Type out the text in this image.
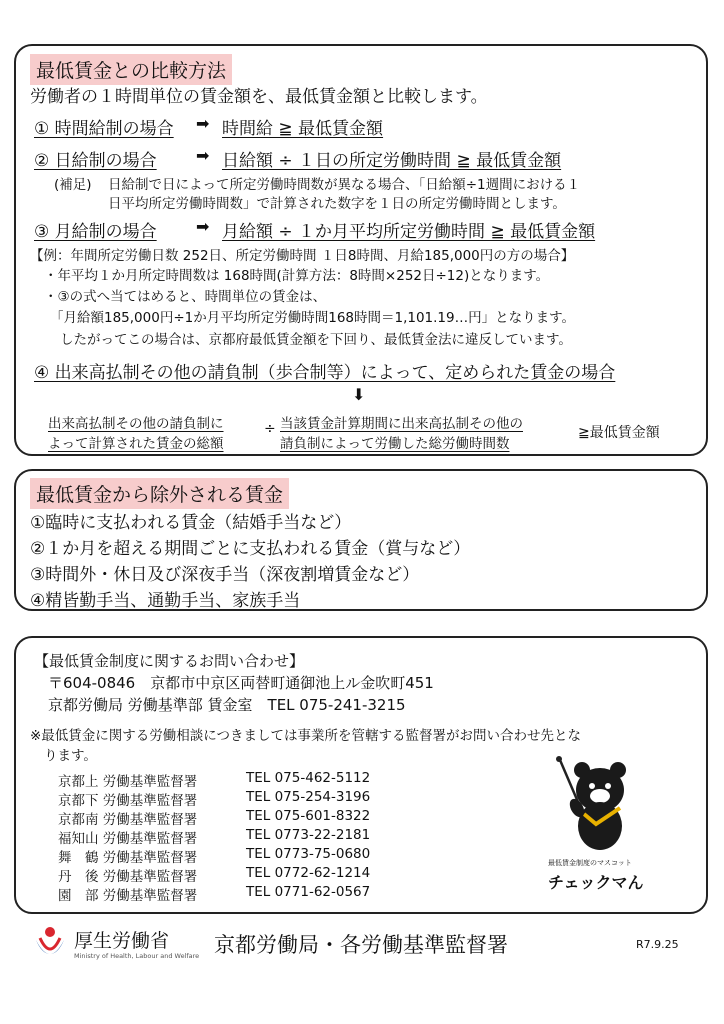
最低賃金との比較方法
労働者の１時間単位の賃金額を、最低賃金額と比較します。
① 時間給制の場合 ➡ 時間給 ≧ 最低賃金額
② 日給制の場合 ➡ 日給額 ÷ １日の所定労働時間 ≧ 最低賃金額
(補足) 日給制で日によって所定労働時間数が異なる場合、「日給額÷1週間における１
日平均所定労働時間数」で計算された数字を１日の所定労働時間とします。
③ 月給制の場合 ➡ 月給額 ÷ １か月平均所定労働時間 ≧ 最低賃金額
【例：年間所定労働日数 252日、所定労働時間 １日8時間、月給185,000円の方の場合】
・年平均１か月所定時間数は 168時間(計算方法：8時間×252日÷12)となります。
・③の式へ当てはめると、時間単位の賃金は、
「月給額185,000円÷1か月平均所定労働時間168時間＝1,101.19…円」となります。
したがってこの場合は、京都府最低賃金額を下回り、最低賃金法に違反しています。
④ 出来高払制その他の請負制（歩合制等）によって、定められた賃金の場合
⬇
出来高払制その他の請負制に
よって計算された賃金の総額
÷ 当該賃金計算期間に出来高払制その他の
請負制によって労働した総労働時間数
≧最低賃金額
最低賃金から除外される賃金
①臨時に支払われる賃金（結婚手当など）
②１か月を超える期間ごとに支払われる賃金（賞与など）
③時間外・休日及び深夜手当（深夜割増賃金など）
④精皆勤手当、通勤手当、家族手当
【最低賃金制度に関するお問い合わせ】
〒604-0846　京都市中京区両替町通御池上ル金吹町451
京都労働局 労働基準部 賃金室　TEL 075-241-3215
※最低賃金に関する労働相談につきましては事業所を管轄する監督署がお問い合わせ先とな
ります。
京都上 労働基準監督署	TEL 075-462-5112
京都下 労働基準監督署	TEL 075-254-3196
京都南 労働基準監督署	TEL 075-601-8322
福知山 労働基準監督署	TEL 0773-22-2181
舞　鶴 労働基準監督署	TEL 0773-75-0680
丹　後 労働基準監督署	TEL 0772-62-1214
園　部 労働基準監督署	TEL 0771-62-0567
最低賃金制度のマスコット
チェックマん
厚生労働省
Ministry of Health, Labour and Welfare 京都労働局・各労働基準監督署	R7.9.25
